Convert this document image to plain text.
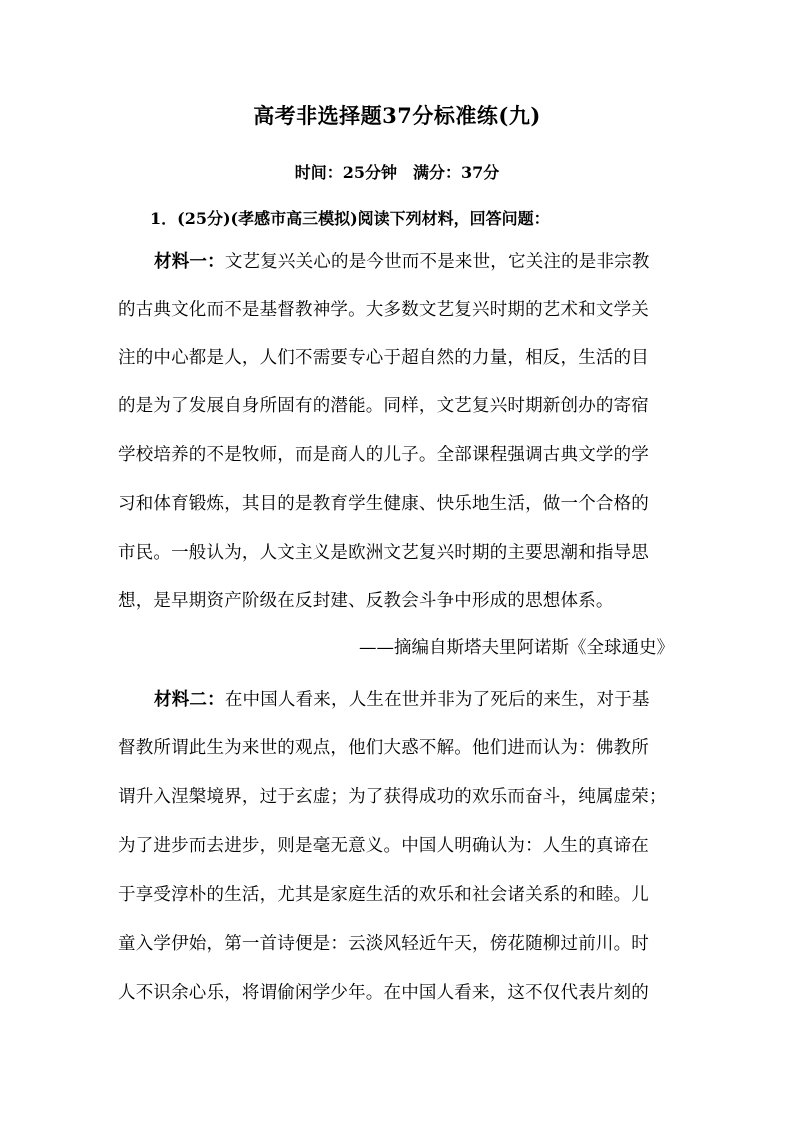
高考非选择题37分标准练(九)
时间：25分钟　满分：37分
1．(25分)(孝感市高三模拟)阅读下列材料，回答问题：
材料一：文艺复兴关心的是今世而不是来世，它关注的是非宗教
的古典文化而不是基督教神学。大多数文艺复兴时期的艺术和文学关
注的中心都是人，人们不需要专心于超自然的力量，相反，生活的目
的是为了发展自身所固有的潜能。同样，文艺复兴时期新创办的寄宿
学校培养的不是牧师，而是商人的儿子。全部课程强调古典文学的学
习和体育锻炼，其目的是教育学生健康、快乐地生活，做一个合格的
市民。一般认为，人文主义是欧洲文艺复兴时期的主要思潮和指导思
想，是早期资产阶级在反封建、反教会斗争中形成的思想体系。
——摘编自斯塔夫里阿诺斯《全球通史》
材料二：在中国人看来，人生在世并非为了死后的来生，对于基
督教所谓此生为来世的观点，他们大惑不解。他们进而认为：佛教所
谓升入涅槃境界，过于玄虚；为了获得成功的欢乐而奋斗，纯属虚荣；
为了进步而去进步，则是毫无意义。中国人明确认为：人生的真谛在
于享受淳朴的生活，尤其是家庭生活的欢乐和社会诸关系的和睦。儿
童入学伊始，第一首诗便是：云淡风轻近午天，傍花随柳过前川。时
人不识余心乐，将谓偷闲学少年。在中国人看来，这不仅代表片刻的
